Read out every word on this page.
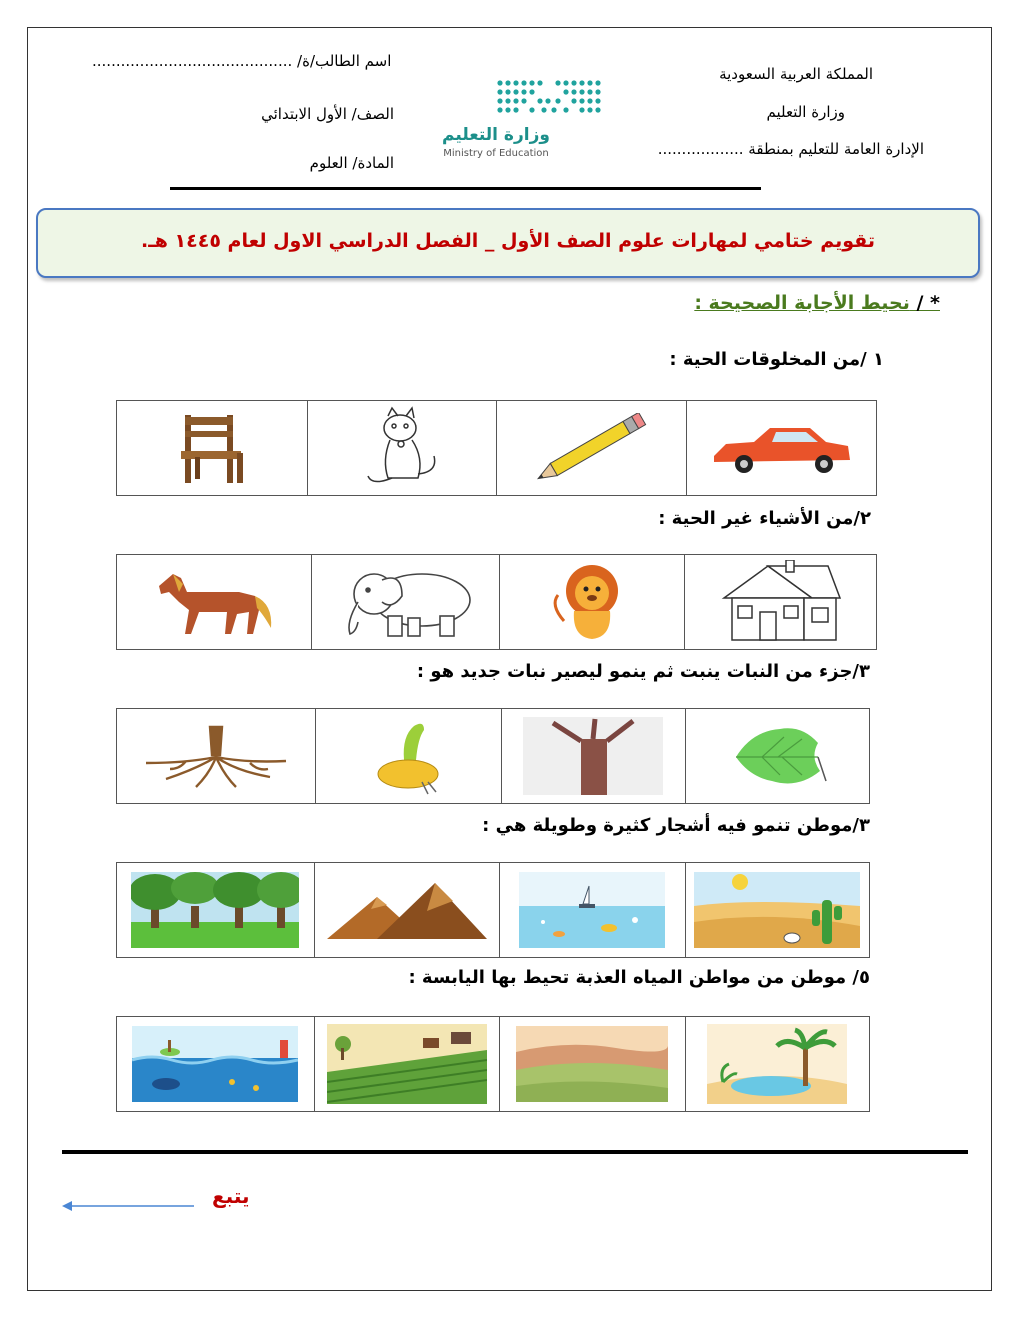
اسم الطالب/ة/ ..........................................
الصف/ الأول الابتدائي
المادة/ العلوم
المملكة العربية السعودية
وزارة التعليم
الإدارة العامة للتعليم بمنطقة ..................
وزارة التعليم
Ministry of Education
تقويم ختامي لمهارات علوم الصف الأول _ الفصل الدراسي الاول لعام ١٤٤٥ هـ.
* / نحيط الأجابة الصحيحة :
١ /من المخلوقات الحية :

٢/من الأشياء غير الحية :

٣/جزء من النبات ينبت ثم ينمو ليصير نبات جديد هو :

٣/موطن تنمو فيه أشجار كثيرة وطويلة هي :

٥/ موطن من مواطن المياه العذبة تحيط بها اليابسة :

يتبع
